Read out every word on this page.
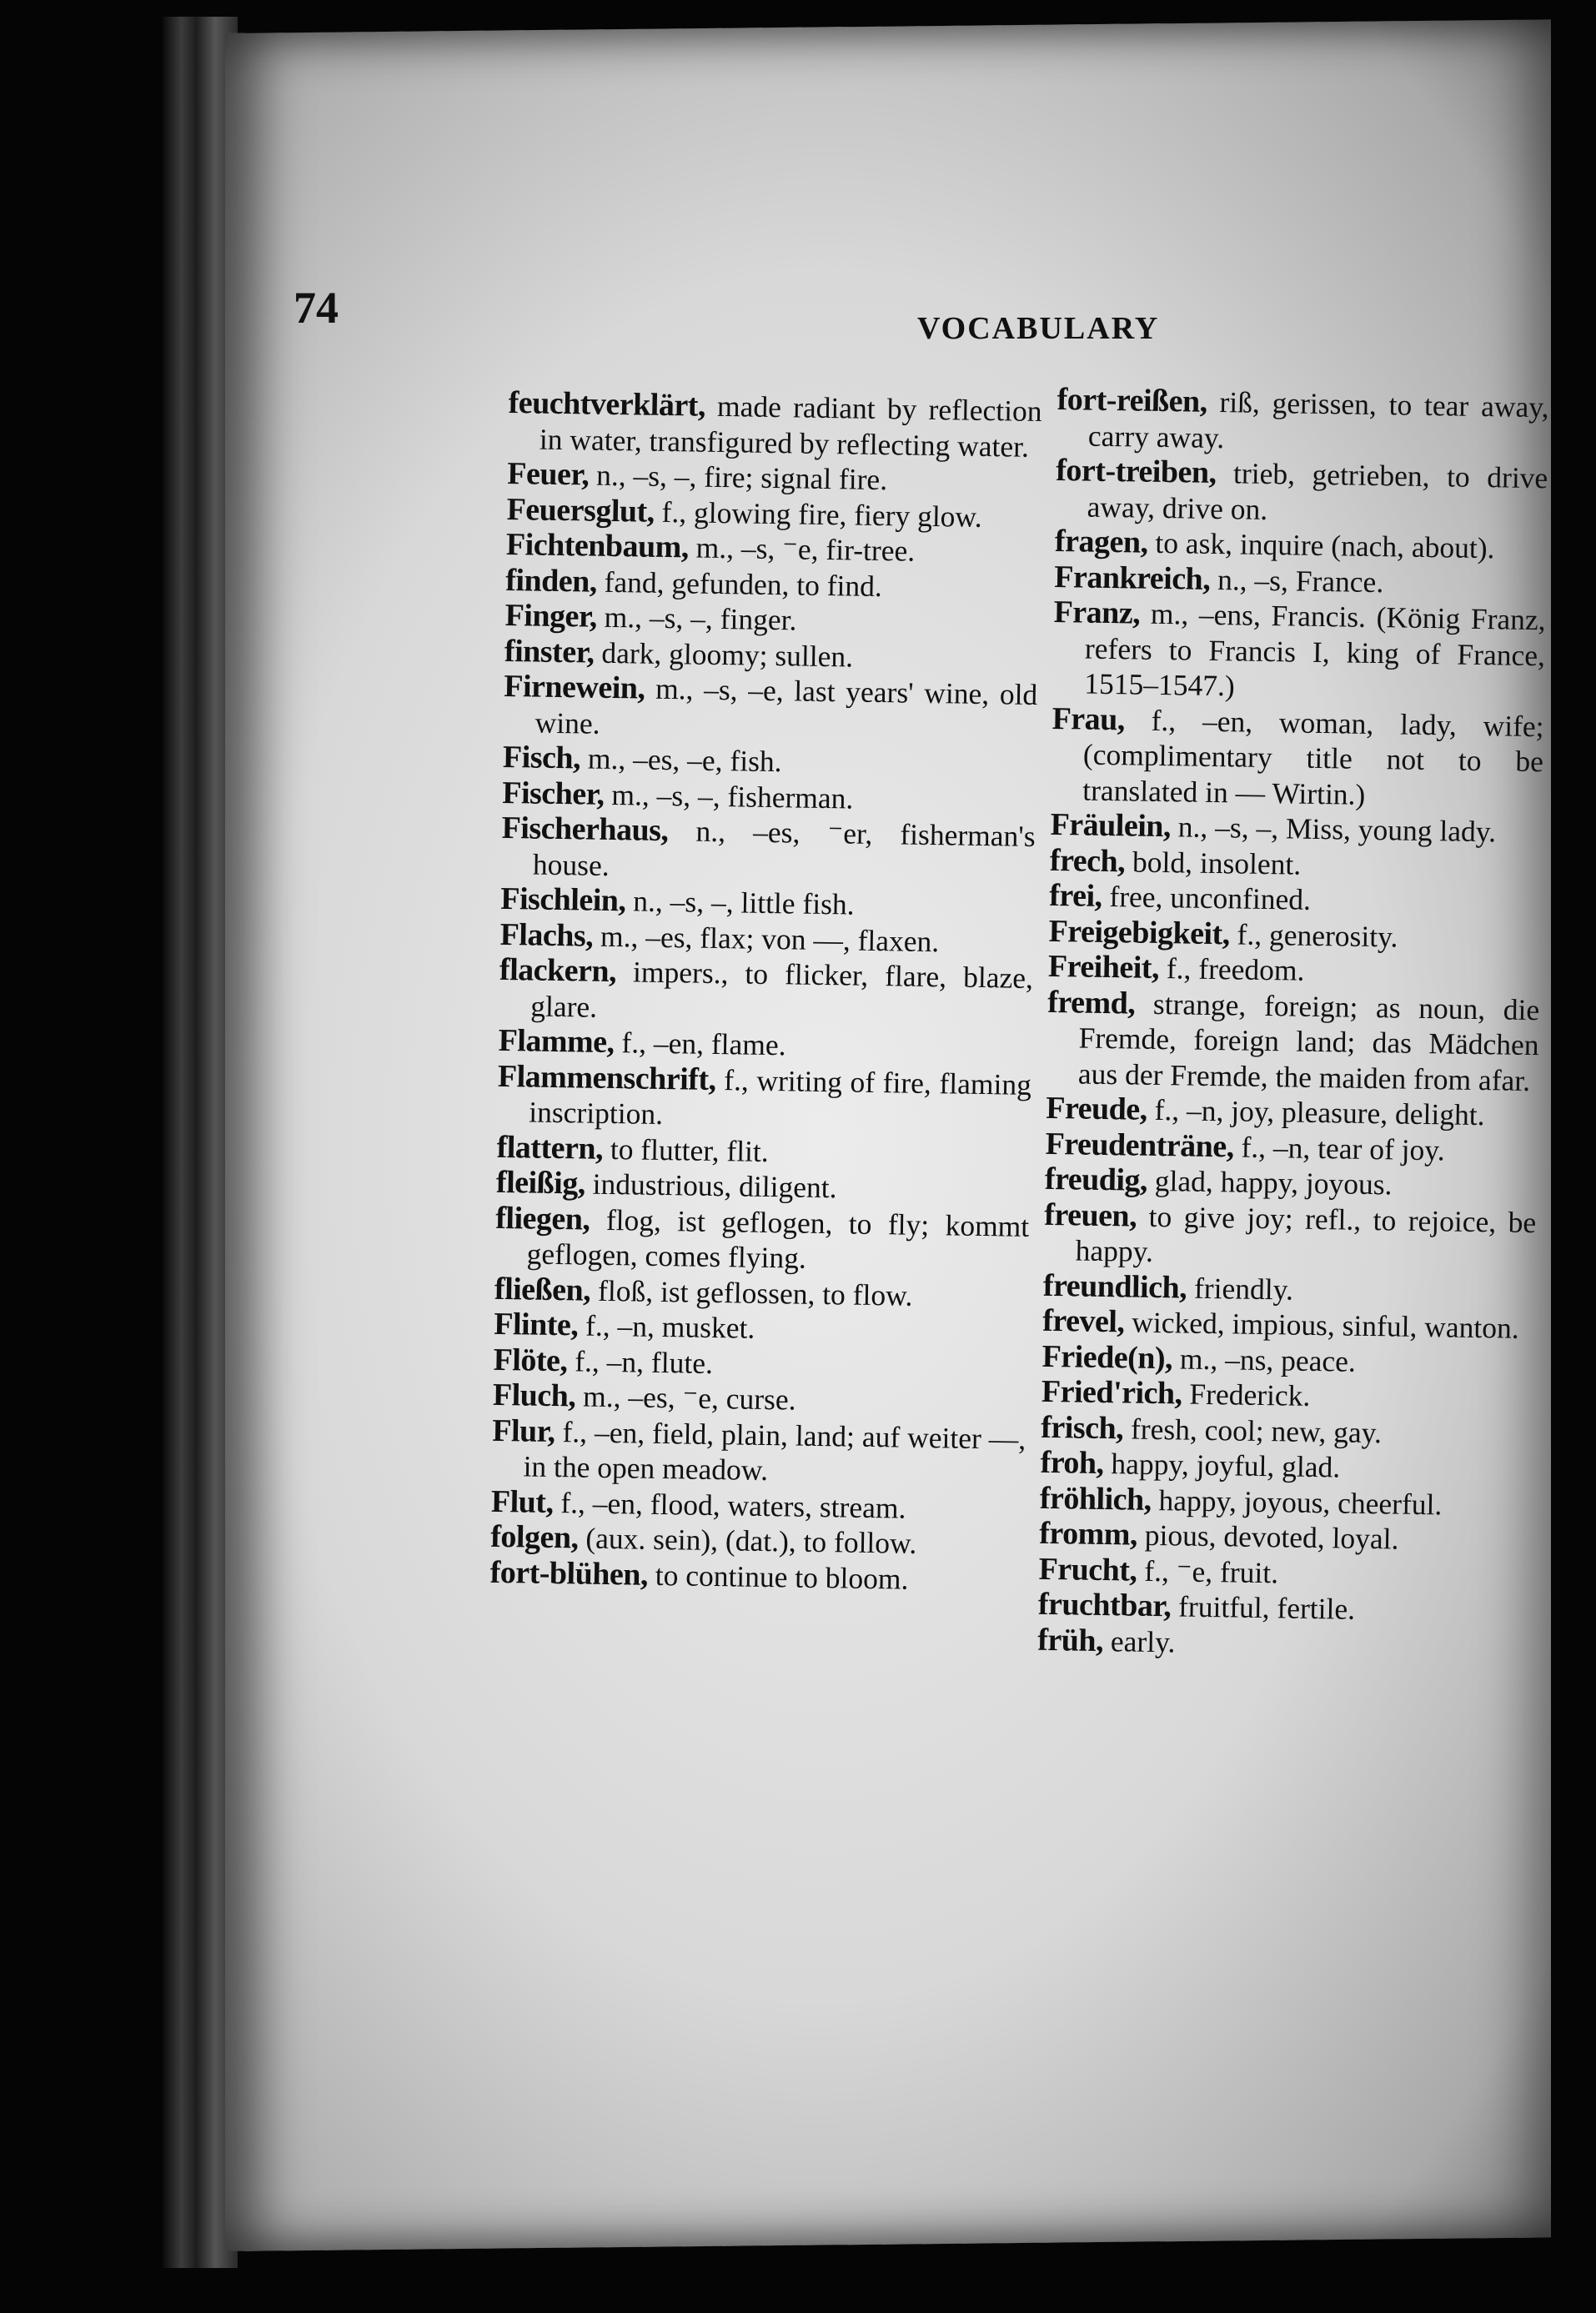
74	VOCABULARY
feuchtverklärt, made radiant by reflection in water, transfigured by reflecting water.
Feuer, n., –s, –, fire; signal fire.
Feuersglut, f., glowing fire, fiery glow.
Fichtenbaum, m., –s, ⁻e, fir-tree.
finden, fand, gefunden, to find.
Finger, m., –s, –, finger.
finster, dark, gloomy; sullen.
Firnewein, m., –s, –e, last years' wine, old wine.
Fisch, m., –es, –e, fish.
Fischer, m., –s, –, fisherman.
Fischerhaus, n., –es, ⁻er, fisherman's house.
Fischlein, n., –s, –, little fish.
Flachs, m., –es, flax; von —, flaxen.
flackern, impers., to flicker, flare, blaze, glare.
Flamme, f., –en, flame.
Flammenschrift, f., writing of fire, flaming inscription.
flattern, to flutter, flit.
fleißig, industrious, diligent.
fliegen, flog, ist geflogen, to fly; kommt geflogen, comes flying.
fließen, floß, ist geflossen, to flow.
Flinte, f., –n, musket.
Flöte, f., –n, flute.
Fluch, m., –es, ⁻e, curse.
Flur, f., –en, field, plain, land; auf weiter —, in the open meadow.
Flut, f., –en, flood, waters, stream.
folgen, (aux. sein), (dat.), to follow.
fort-blühen, to continue to bloom.
fort-reißen, riß, gerissen, to tear away, carry away.
fort-treiben, trieb, getrieben, to drive away, drive on.
fragen, to ask, inquire (nach, about).
Frankreich, n., –s, France.
Franz, m., –ens, Francis. (König Franz, refers to Francis I, king of France, 1515–1547.)
Frau, f., –en, woman, lady, wife; (complimentary title not to be translated in — Wirtin.)
Fräulein, n., –s, –, Miss, young lady.
frech, bold, insolent.
frei, free, unconfined.
Freigebigkeit, f., generosity.
Freiheit, f., freedom.
fremd, strange, foreign; as noun, die Fremde, foreign land; das Mädchen aus der Fremde, the maiden from afar.
Freude, f., –n, joy, pleasure, delight.
Freudenträne, f., –n, tear of joy.
freudig, glad, happy, joyous.
freuen, to give joy; refl., to rejoice, be happy.
freundlich, friendly.
frevel, wicked, impious, sinful, wanton.
Friede(n), m., –ns, peace.
Fried'rich, Frederick.
frisch, fresh, cool; new, gay.
froh, happy, joyful, glad.
fröhlich, happy, joyous, cheerful.
fromm, pious, devoted, loyal.
Frucht, f., ⁻e, fruit.
fruchtbar, fruitful, fertile.
früh, early.
